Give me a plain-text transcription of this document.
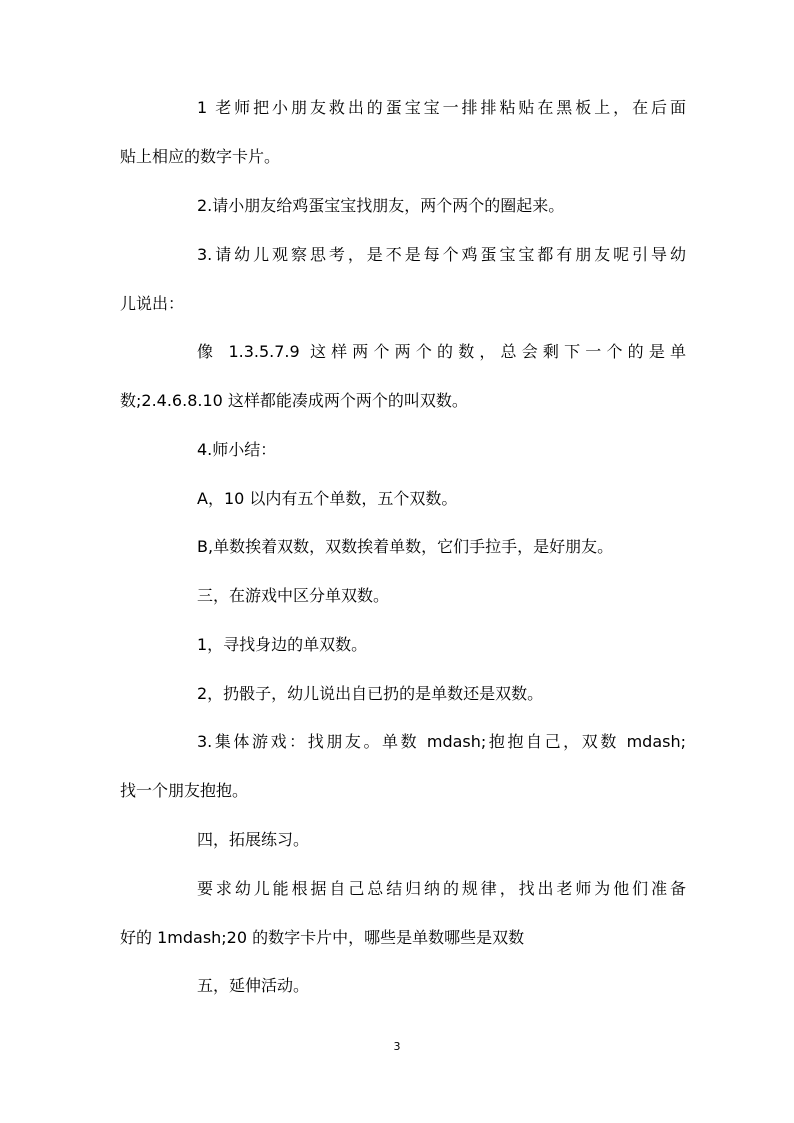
1 老师把小朋友救出的蛋宝宝一排排粘贴在黑板上，在后面
贴上相应的数字卡片。
2.请小朋友给鸡蛋宝宝找朋友，两个两个的圈起来。
3.请幼儿观察思考，是不是每个鸡蛋宝宝都有朋友呢引导幼
儿说出：
像 1.3.5.7.9 这样两个两个的数，总会剩下一个的是单
数;2.4.6.8.10 这样都能凑成两个两个的叫双数。
4.师小结：
A，10 以内有五个单数，五个双数。
B,单数挨着双数，双数挨着单数，它们手拉手，是好朋友。
三，在游戏中区分单双数。
1，寻找身边的单双数。
2，扔骰子，幼儿说出自已扔的是单数还是双数。
3.集体游戏：找朋友。单数 mdash;抱抱自己，双数 mdash;
找一个朋友抱抱。
四，拓展练习。
要求幼儿能根据自己总结归纳的规律，找出老师为他们准备
好的 1mdash;20 的数字卡片中，哪些是单数哪些是双数
五，延伸活动。
3
